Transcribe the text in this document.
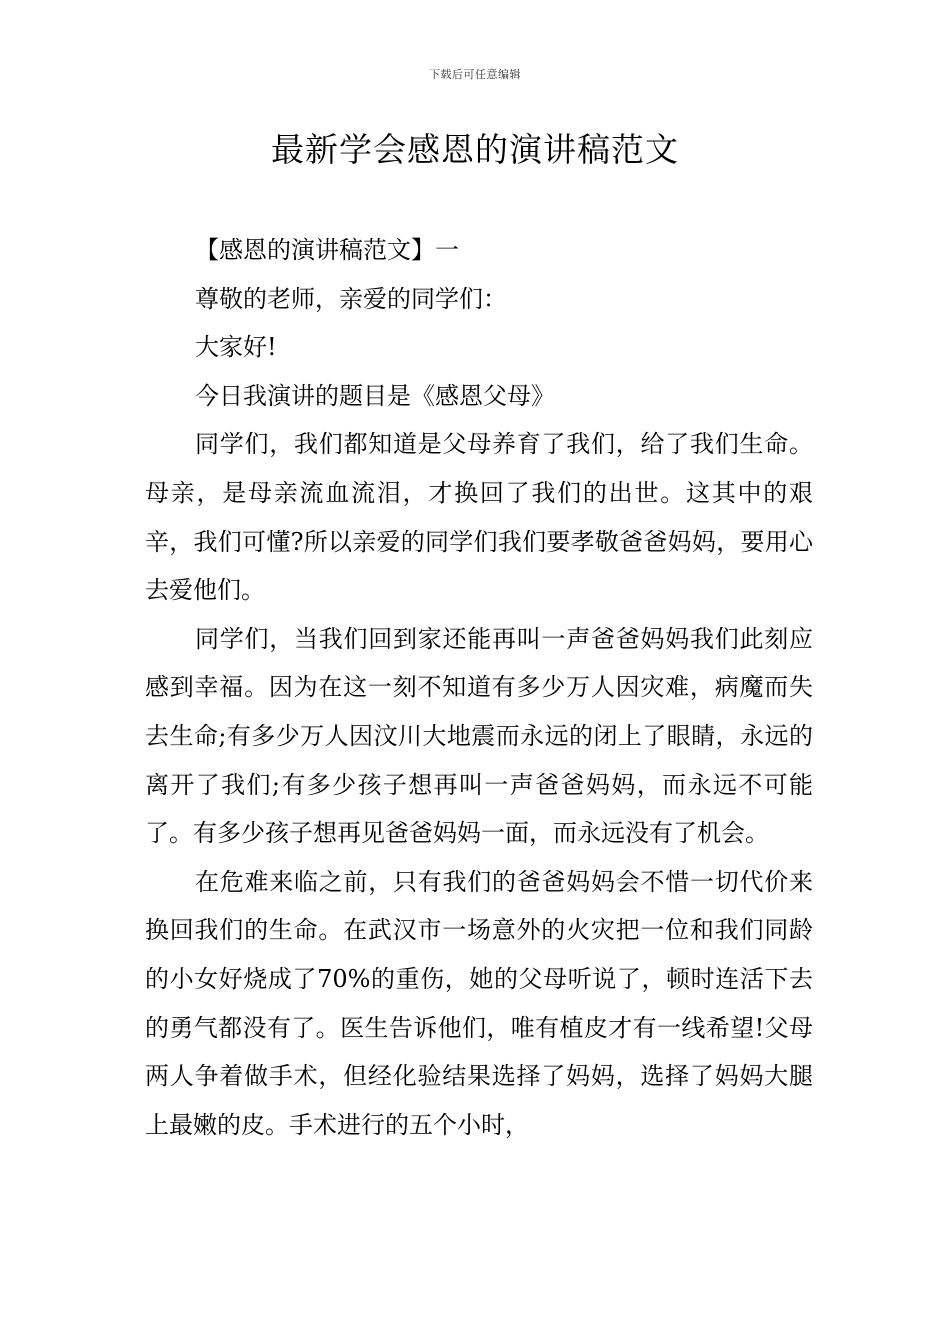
下载后可任意编辑
最新学会感恩的演讲稿范文

【感恩的演讲稿范文】一

尊敬的老师，亲爱的同学们：

大家好!

今日我演讲的题目是《感恩父母》

同学们，我们都知道是父母养育了我们，给了我们生命。母亲，是母亲流血流泪，才换回了我们的出世。这其中的艰辛，我们可懂?所以亲爱的同学们我们要孝敬爸爸妈妈，要用心去爱他们。

同学们，当我们回到家还能再叫一声爸爸妈妈我们此刻应感到幸福。因为在这一刻不知道有多少万人因灾难，病魔而失去生命;有多少万人因汶川大地震而永远的闭上了眼睛，永远的离开了我们;有多少孩子想再叫一声爸爸妈妈，而永远不可能了。有多少孩子想再见爸爸妈妈一面，而永远没有了机会。

在危难来临之前，只有我们的爸爸妈妈会不惜一切代价来换回我们的生命。在武汉市一场意外的火灾把一位和我们同龄的小女好烧成了70%的重伤，她的父母听说了，顿时连活下去的勇气都没有了。医生告诉他们，唯有植皮才有一线希望!父母两人争着做手术，但经化验结果选择了妈妈，选择了妈妈大腿上最嫩的皮。手术进行的五个小时，
